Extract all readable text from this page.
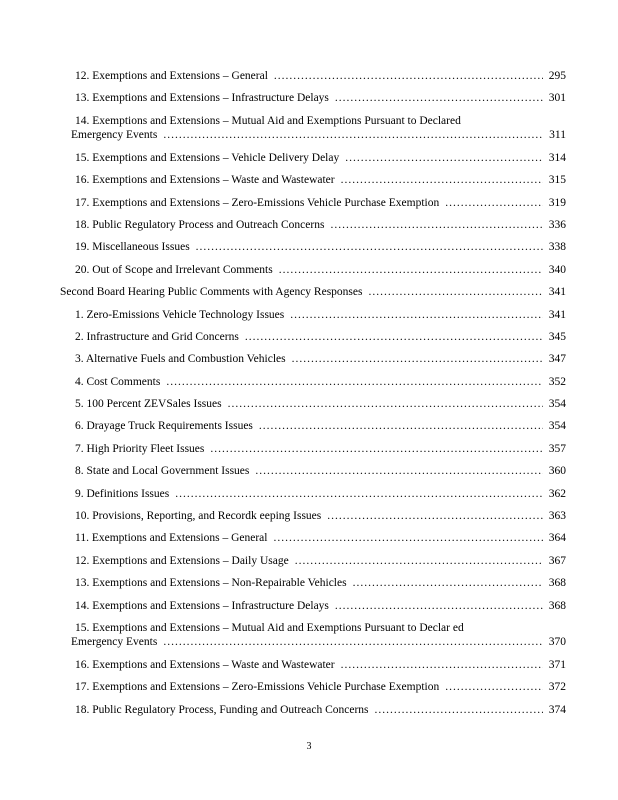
12. Exemptions and Extensions – General .....	295
13. Exemptions and Extensions – Infrastructure Delays .....	301
14. Exemptions and Extensions – Mutual Aid and Exemptions Pursuant to Declared
Emergency Events .....	311
15. Exemptions and Extensions – Vehicle Delivery Delay .....	314
16. Exemptions and Extensions – Waste and Wastewater .....	315
17. Exemptions and Extensions – Zero-Emissions Vehicle Purchase Exemption .....	319
18. Public Regulatory Process and Outreach Concerns .....	336
19. Miscellaneous Issues .....	338
20. Out of Scope and Irrelevant Comments .....	340
Second Board Hearing Public Comments with Agency Responses .....	341
1. Zero-Emissions Vehicle Technology Issues .....	341
2. Infrastructure and Grid Concerns .....	345
3. Alternative Fuels and Combustion Vehicles .....	347
4. Cost Comments .....	352
5. 100 Percent ZEVSales Issues .....	354
6. Drayage Truck Requirements Issues .....	354
7. High Priority Fleet Issues .....	357
8. State and Local Government Issues .....	360
9. Definitions Issues .....	362
10. Provisions, Reporting, and Recordk eeping Issues .....	363
11. Exemptions and Extensions – General .....	364
12. Exemptions and Extensions – Daily Usage .....	367
13. Exemptions and Extensions – Non-Repairable Vehicles .....	368
14. Exemptions and Extensions – Infrastructure Delays .....	368
15. Exemptions and Extensions – Mutual Aid and Exemptions Pursuant to Declar ed
Emergency Events .....	370
16. Exemptions and Extensions – Waste and Wastewater .....	371
17. Exemptions and Extensions – Zero-Emissions Vehicle Purchase Exemption .....	372
18. Public Regulatory Process, Funding and Outreach Concerns .....	374
3
